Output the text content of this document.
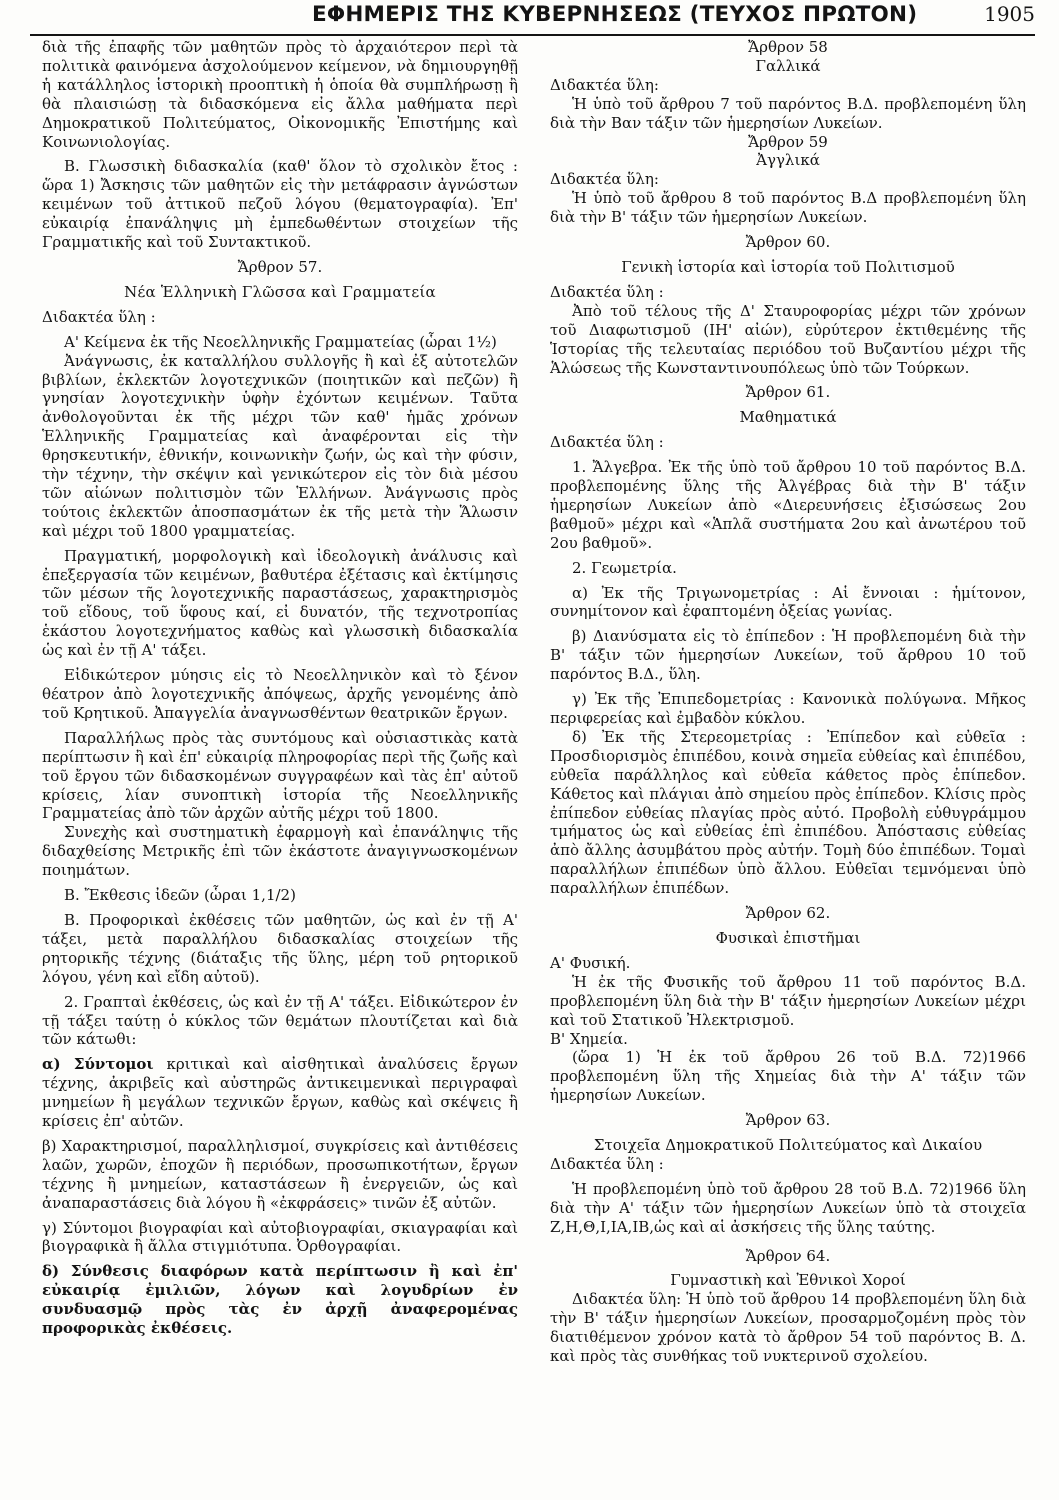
ΕΦΗΜΕΡΙΣ ΤΗΣ ΚΥΒΕΡΝΗΣΕΩΣ (ΤΕΥΧΟΣ ΠΡΩΤΟΝ)	1905

διὰ τῆς ἐπαφῆς τῶν μαθητῶν πρὸς τὸ ἀρχαιότερον περὶ τὰ πολιτικὰ φαινόμενα ἀσχολούμενον κείμενον, νὰ δημιουργηθῇ ἡ κατάλληλος ἱστορικὴ προοπτικὴ ἡ ὁποία θὰ συμπλήρωσῃ ἢ θὰ πλαισιώσῃ τὰ διδασκόμενα εἰς ἄλλα μαθήματα περὶ Δημοκρατικοῦ Πολιτεύματος, Οἰκονομικῆς Ἐπιστήμης καὶ Κοινωνιολογίας.

Β. Γλωσσικὴ διδασκαλία (καθ' ὅλον τὸ σχολικὸν ἔτος : ὥρα 1) Ἄσκησις τῶν μαθητῶν εἰς τὴν μετάφρασιν ἀγνώστων κειμένων τοῦ ἀττικοῦ πεζοῦ λόγου (θεματογραφία). Ἐπ' εὐκαιρίᾳ ἐπανάληψις μὴ ἐμπεδωθέντων στοιχείων τῆς Γραμματικῆς καὶ τοῦ Συντακτικοῦ.

Ἄρθρον 57.

Νέα Ἑλληνικὴ Γλῶσσα καὶ Γραμματεία

Διδακτέα ὕλη :

Α' Κείμενα ἐκ τῆς Νεοελληνικῆς Γραμματείας (ὧραι 1½)

Ἀνάγνωσις, ἐκ καταλλήλου συλλογῆς ἢ καὶ ἐξ αὐτοτελῶν βιβλίων, ἐκλεκτῶν λογοτεχνικῶν (ποιητικῶν καὶ πεζῶν) ἢ γνησίαν λογοτεχνικὴν ὑφὴν ἐχόντων κειμένων. Ταῦτα ἀνθολογοῦνται ἐκ τῆς μέχρι τῶν καθ' ἡμᾶς χρόνων Ἑλληνικῆς Γραμματείας καὶ ἀναφέρονται εἰς τὴν θρησκευτικήν, ἐθνικήν, κοινωνικὴν ζωήν, ὡς καὶ τὴν φύσιν, τὴν τέχνην, τὴν σκέψιν καὶ γενικώτερον εἰς τὸν διὰ μέσου τῶν αἰώνων πολιτισμὸν τῶν Ἑλλήνων. Ἀνάγνωσις πρὸς τούτοις ἐκλεκτῶν ἀποσπασμάτων ἐκ τῆς μετὰ τὴν Ἅλωσιν καὶ μέχρι τοῦ 1800 γραμματείας.

Πραγματική, μορφολογικὴ καὶ ἰδεολογικὴ ἀνάλυσις καὶ ἐπεξεργασία τῶν κειμένων, βαθυτέρα ἐξέτασις καὶ ἐκτίμησις τῶν μέσων τῆς λογοτεχνικῆς παραστάσεως, χαρακτηρισμὸς τοῦ εἴδους, τοῦ ὕφους καί, εἰ δυνατόν, τῆς τεχνοτροπίας ἑκάστου λογοτεχνήματος καθὼς καὶ γλωσσικὴ διδασκαλία ὡς καὶ ἐν τῇ Α' τάξει.

Εἰδικώτερον μύησις εἰς τὸ Νεοελληνικὸν καὶ τὸ ξένον θέατρον ἀπὸ λογοτεχνικῆς ἀπόψεως, ἀρχῆς γενομένης ἀπὸ τοῦ Κρητικοῦ. Ἀπαγγελία ἀναγνωσθέντων θεατρικῶν ἔργων.

Παραλλήλως πρὸς τὰς συντόμους καὶ οὐσιαστικὰς κατὰ περίπτωσιν ἢ καὶ ἐπ' εὐκαιρίᾳ πληροφορίας περὶ τῆς ζωῆς καὶ τοῦ ἔργου τῶν διδασκομένων συγγραφέων καὶ τὰς ἐπ' αὐτοῦ κρίσεις, λίαν συνοπτικὴ ἱστορία τῆς Νεοελληνικῆς Γραμματείας ἀπὸ τῶν ἀρχῶν αὐτῆς μέχρι τοῦ 1800.

Συνεχὴς καὶ συστηματικὴ ἐφαρμογὴ καὶ ἐπανάληψις τῆς διδαχθείσης Μετρικῆς ἐπὶ τῶν ἑκάστοτε ἀναγιγνωσκομένων ποιημάτων.

Β. Ἔκθεσις ἰδεῶν (ὧραι 1,1/2)

Β. Προφορικαὶ ἐκθέσεις τῶν μαθητῶν, ὡς καὶ ἐν τῇ Α' τάξει, μετὰ παραλλήλου διδασκαλίας στοιχείων τῆς ρητορικῆς τέχνης (διάταξις τῆς ὕλης, μέρη τοῦ ρητορικοῦ λόγου, γένη καὶ εἴδη αὐτοῦ).

2. Γραπταὶ ἐκθέσεις, ὡς καὶ ἐν τῇ Α' τάξει. Εἰδικώτερον ἐν τῇ τάξει ταύτῃ ὁ κύκλος τῶν θεμάτων πλουτίζεται καὶ διὰ τῶν κάτωθι:

α) Σύντομοι κριτικαὶ καὶ αἰσθητικαὶ ἀναλύσεις ἔργων τέχνης, ἀκριβεῖς καὶ αὐστηρῶς ἀντικειμενικαὶ περιγραφαὶ μνημείων ἢ μεγάλων τεχνικῶν ἔργων, καθὼς καὶ σκέψεις ἢ κρίσεις ἐπ' αὐτῶν.

β) Χαρακτηρισμοί, παραλληλισμοί, συγκρίσεις καὶ ἀντιθέσεις λαῶν, χωρῶν, ἐποχῶν ἢ περιόδων, προσωπικοτήτων, ἔργων τέχνης ἢ μνημείων, καταστάσεων ἢ ἐνεργειῶν, ὡς καὶ ἀναπαραστάσεις διὰ λόγου ἢ «ἐκφράσεις» τινῶν ἐξ αὐτῶν.

γ) Σύντομοι βιογραφίαι καὶ αὐτοβιογραφίαι, σκιαγραφίαι καὶ βιογραφικὰ ἢ ἄλλα στιγμιότυπα. Ὀρθογραφίαι.

δ) Σύνθεσις διαφόρων κατὰ περίπτωσιν ἢ καὶ ἐπ' εὐκαιρίᾳ ἐμιλιῶν, λόγων καὶ λογυδρίων ἐν συνδυασμῷ πρὸς τὰς ἐν ἀρχῇ ἀναφερομένας προφορικὰς ἐκθέσεις.

Ἄρθρον 58

Γαλλικά

Διδακτέα ὕλη:

Ἡ ὑπὸ τοῦ ἄρθρου 7 τοῦ παρόντος Β.Δ. προβλεπομένη ὕλη διὰ τὴν Βαν τάξιν τῶν ἡμερησίων Λυκείων.

Ἄρθρον 59

Ἀγγλικά

Διδακτέα ὕλη:

Ἡ ὑπὸ τοῦ ἄρθρου 8 τοῦ παρόντος Β.Δ προβλεπομένη ὕλη διὰ τὴν Β' τάξιν τῶν ἡμερησίων Λυκείων.

Ἄρθρον 60.

Γενικὴ ἱστορία καὶ ἱστορία τοῦ Πολιτισμοῦ

Διδακτέα ὕλη :

Ἀπὸ τοῦ τέλους τῆς Δ' Σταυροφορίας μέχρι τῶν χρόνων τοῦ Διαφωτισμοῦ (ΙΗ' αἰών), εὐρύτερον ἐκτιθεμένης τῆς Ἱστορίας τῆς τελευταίας περιόδου τοῦ Βυζαντίου μέχρι τῆς Ἁλώσεως τῆς Κωνσταντινουπόλεως ὑπὸ τῶν Τούρκων.

Ἄρθρον 61.

Μαθηματικά

Διδακτέα ὕλη :

1. Ἄλγεβρα. Ἐκ τῆς ὑπὸ τοῦ ἄρθρου 10 τοῦ παρόντος Β.Δ. προβλεπομένης ὕλης τῆς Ἀλγέβρας διὰ τὴν Β' τάξιν ἡμερησίων Λυκείων ἀπὸ «Διερευνήσεις ἐξισώσεως 2ου βαθμοῦ» μέχρι καὶ «Ἁπλᾶ συστήματα 2ου καὶ ἀνωτέρου τοῦ 2ου βαθμοῦ».

2. Γεωμετρία.

α) Ἐκ τῆς Τριγωνομετρίας : Αἱ ἔννοιαι : ἡμίτονον, συνημίτονον καὶ ἐφαπτομένη ὀξείας γωνίας.

β) Διανύσματα εἰς τὸ ἐπίπεδον : Ἡ προβλεπομένη διὰ τὴν Β' τάξιν τῶν ἡμερησίων Λυκείων, τοῦ ἄρθρου 10 τοῦ παρόντος Β.Δ., ὕλη.

γ) Ἐκ τῆς Ἐπιπεδομετρίας : Κανονικὰ πολύγωνα. Μῆκος περιφερείας καὶ ἐμβαδὸν κύκλου.

δ) Ἐκ τῆς Στερεομετρίας : Ἐπίπεδον καὶ εὐθεῖα : Προσδιορισμὸς ἐπιπέδου, κοινὰ σημεῖα εὐθείας καὶ ἐπιπέδου, εὐθεῖα παράλληλος καὶ εὐθεῖα κάθετος πρὸς ἐπίπεδον. Κάθετος καὶ πλάγιαι ἀπὸ σημείου πρὸς ἐπίπεδον. Κλίσις πρὸς ἐπίπεδον εὐθείας πλαγίας πρὸς αὐτό. Προβολὴ εὐθυγράμμου τμήματος ὡς καὶ εὐθείας ἐπὶ ἐπιπέδου. Ἀπόστασις εὐθείας ἀπὸ ἄλλης ἀσυμβάτου πρὸς αὐτήν. Τομὴ δύο ἐπιπέδων. Τομαὶ παραλλήλων ἐπιπέδων ὑπὸ ἄλλου. Εὐθεῖαι τεμνόμεναι ὑπὸ παραλλήλων ἐπιπέδων.

Ἄρθρον 62.

Φυσικαὶ ἐπιστῆμαι

Α' Φυσική.

Ἡ ἐκ τῆς Φυσικῆς τοῦ ἄρθρου 11 τοῦ παρόντος Β.Δ. προβλεπομένη ὕλη διὰ τὴν Β' τάξιν ἡμερησίων Λυκείων μέχρι καὶ τοῦ Στατικοῦ Ἠλεκτρισμοῦ.

Β' Χημεία.

(ὥρα 1) Ἡ ἐκ τοῦ ἄρθρου 26 τοῦ Β.Δ. 72)1966 προβλεπομένη ὕλη τῆς Χημείας διὰ τὴν Α' τάξιν τῶν ἡμερησίων Λυκείων.

Ἄρθρον 63.

Στοιχεῖα Δημοκρατικοῦ Πολιτεύματος καὶ Δικαίου

Διδακτέα ὕλη :

Ἡ προβλεπομένη ὑπὸ τοῦ ἄρθρου 28 τοῦ Β.Δ. 72)1966 ὕλη διὰ τὴν Α' τάξιν τῶν ἡμερησίων Λυκείων ὑπὸ τὰ στοιχεῖα Ζ,Η,Θ,Ι,ΙΑ,ΙΒ,ὡς καὶ αἱ ἀσκήσεις τῆς ὕλης ταύτης.

Ἄρθρον 64.

Γυμναστικὴ καὶ Ἐθνικοὶ Χοροί

Διδακτέα ὕλη: Ἡ ὑπὸ τοῦ ἄρθρου 14 προβλεπομένη ὕλη διὰ τὴν Β' τάξιν ἡμερησίων Λυκείων, προσαρμοζομένη πρὸς τὸν διατιθέμενον χρόνον κατὰ τὸ ἄρθρον 54 τοῦ παρόντος Β. Δ. καὶ πρὸς τὰς συνθήκας τοῦ νυκτερινοῦ σχολείου.
